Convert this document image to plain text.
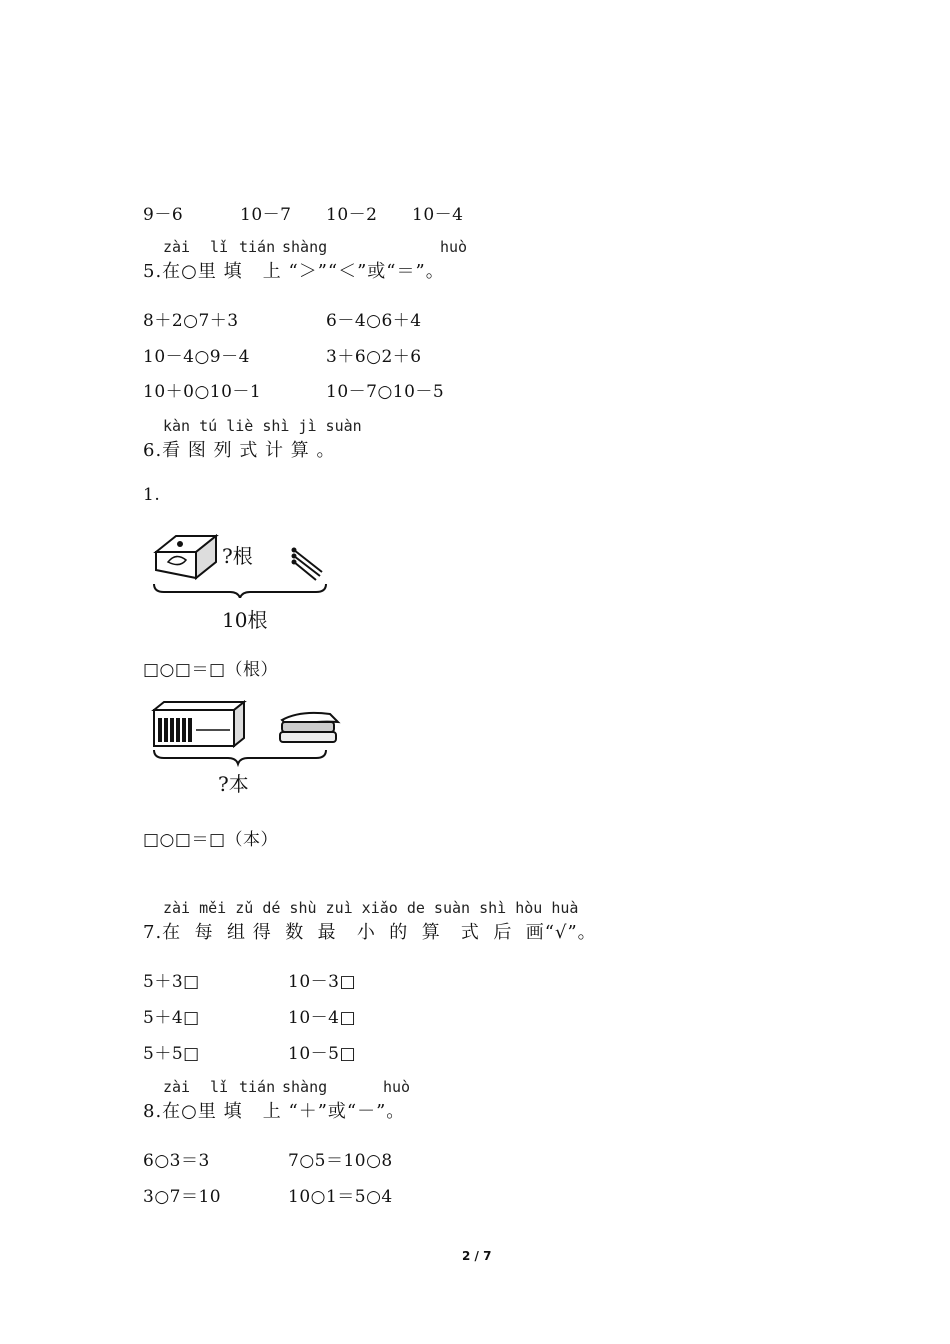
9－6	10－7 10－2 10－4
zài lǐ tián shàng	huò
5.在○里 填   上 “＞”“＜”或“＝”。
8＋2○7＋3	6－4○6＋4
10－4○9－4	3＋6○2＋6
10＋0○10－1	10－7○10－5
kàn tú liè shì jì suàn
6.看 图 列 式 计 算 。
1.
?根
10根
□○□＝□（根）
?本
□○□＝□（本）
zài měi zǔ dé shù zuì xiǎo de suàn shì hòu huà
7.在  每  组 得  数  最   小  的  算   式  后  画“√”。
5＋3□	10－3□
5＋4□	10－4□
5＋5□	10－5□
zài lǐ tián shàng	huò
8.在○里 填   上 “＋”或“－”。
6○3＝3	7○5＝10○8
3○7＝10	10○1＝5○4
2 / 7
